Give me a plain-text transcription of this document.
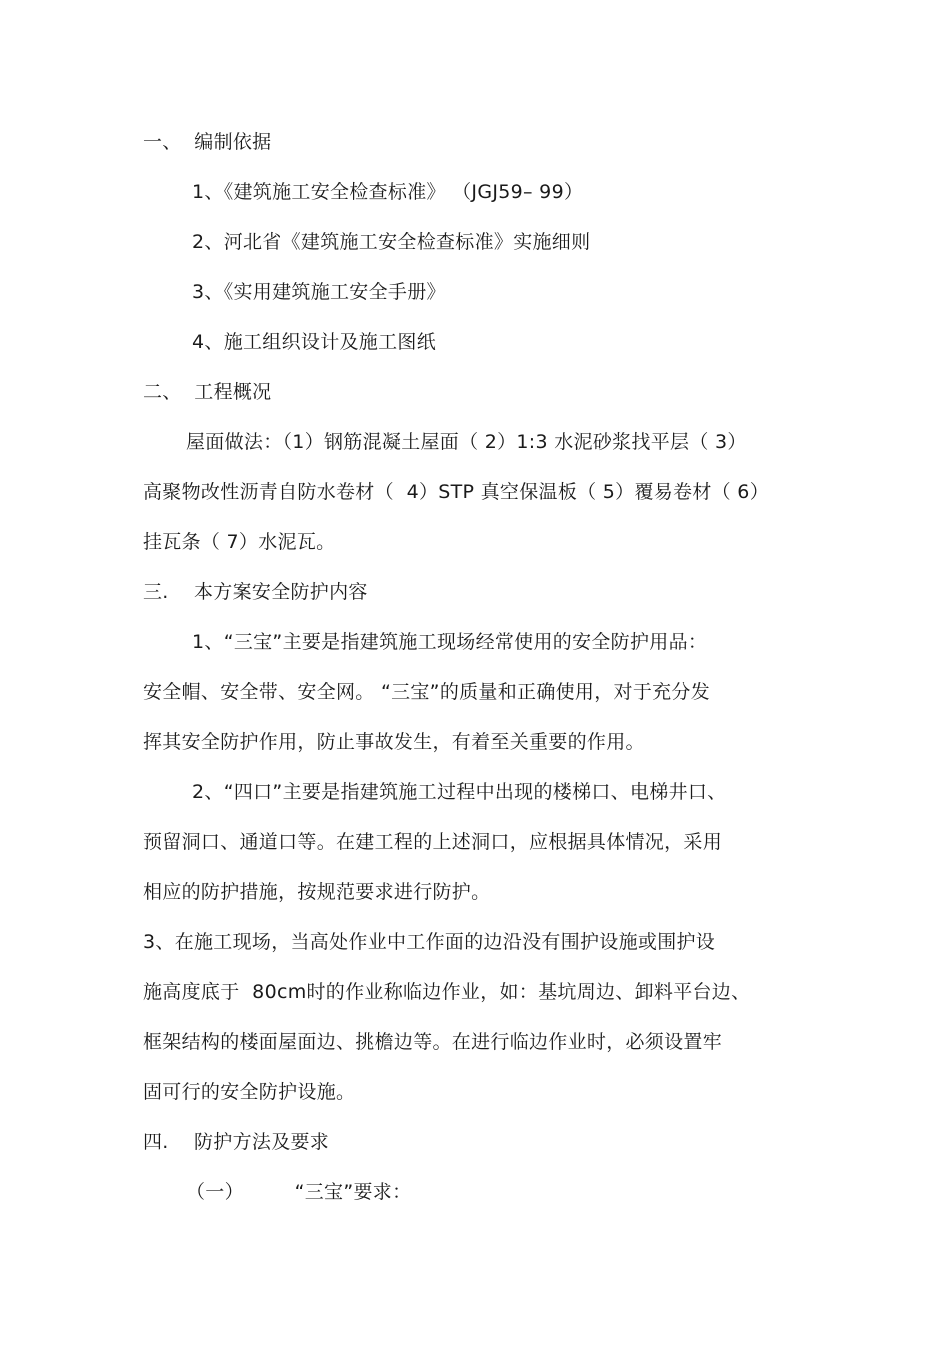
一、  编制依据
1、《建筑施工安全检查标准》 （JGJ59– 99）
2、河北省《建筑施工安全检查标准》实施细则
3、《实用建筑施工安全手册》
4、施工组织设计及施工图纸
二、  工程概况
屋面做法：（1）钢筋混凝土屋面（ 2）1:3 水泥砂浆找平层（ 3）
高聚物改性沥青自防水卷材（  4）STP 真空保温板（ 5）覆易卷材（ 6）
挂瓦条（ 7）水泥瓦。
三.    本方案安全防护内容
1、“三宝”主要是指建筑施工现场经常使用的安全防护用品：
安全帽、安全带、安全网。 “三宝”的质量和正确使用，对于充分发
挥其安全防护作用，防止事故发生，有着至关重要的作用。
2、“四口”主要是指建筑施工过程中出现的楼梯口、电梯井口、
预留洞口、通道口等。在建工程的上述洞口，应根据具体情况，采用
相应的防护措施，按规范要求进行防护。
3、在施工现场，当高处作业中工作面的边沿没有围护设施或围护设
施高度底于  80cm时的作业称临边作业，如：基坑周边、卸料平台边、
框架结构的楼面屋面边、挑檐边等。在进行临边作业时，必须设置牢
固可行的安全防护设施。
四.    防护方法及要求
（一）        “三宝”要求：
